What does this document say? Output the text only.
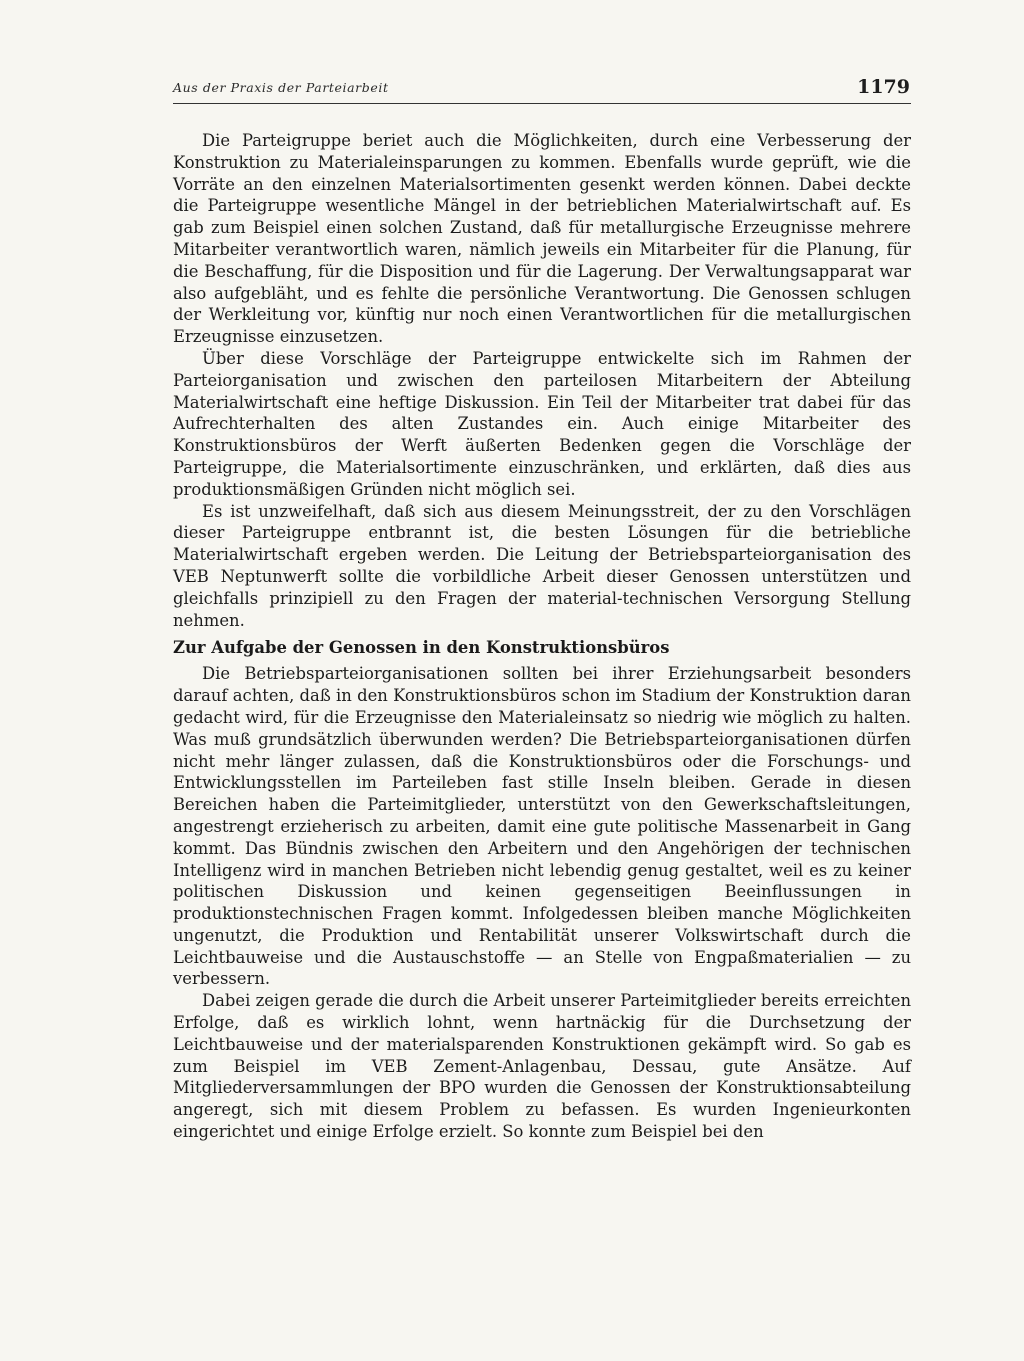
Aus der Praxis der Parteiarbeit	1179

Die Parteigruppe beriet auch die Möglichkeiten, durch eine Verbesserung der Konstruktion zu Materialeinsparungen zu kommen. Ebenfalls wurde geprüft, wie die Vorräte an den einzelnen Materialsortimenten gesenkt werden können. Dabei deckte die Parteigruppe wesentliche Mängel in der betrieblichen Materialwirtschaft auf. Es gab zum Beispiel einen solchen Zustand, daß für metallurgische Erzeugnisse mehrere Mitarbeiter verantwortlich waren, nämlich jeweils ein Mitarbeiter für die Planung, für die Beschaffung, für die Disposition und für die Lagerung. Der Verwaltungsapparat war also aufgebläht, und es fehlte die persönliche Verantwortung. Die Genossen schlugen der Werkleitung vor, künftig nur noch einen Verantwortlichen für die metallurgischen Erzeugnisse einzusetzen.

Über diese Vorschläge der Parteigruppe entwickelte sich im Rahmen der Parteiorganisation und zwischen den parteilosen Mitarbeitern der Abteilung Materialwirtschaft eine heftige Diskussion. Ein Teil der Mitarbeiter trat dabei für das Aufrechterhalten des alten Zustandes ein. Auch einige Mitarbeiter des Konstruktionsbüros der Werft äußerten Bedenken gegen die Vorschläge der Parteigruppe, die Materialsortimente einzuschränken, und erklärten, daß dies aus produktionsmäßigen Gründen nicht möglich sei.

Es ist unzweifelhaft, daß sich aus diesem Meinungsstreit, der zu den Vorschlägen dieser Parteigruppe entbrannt ist, die besten Lösungen für die betriebliche Materialwirtschaft ergeben werden. Die Leitung der Betriebsparteiorganisation des VEB Neptunwerft sollte die vorbildliche Arbeit dieser Genossen unterstützen und gleichfalls prinzipiell zu den Fragen der material-technischen Versorgung Stellung nehmen.

Zur Aufgabe der Genossen in den Konstruktionsbüros

Die Betriebsparteiorganisationen sollten bei ihrer Erziehungsarbeit besonders darauf achten, daß in den Konstruktionsbüros schon im Stadium der Konstruktion daran gedacht wird, für die Erzeugnisse den Materialeinsatz so niedrig wie möglich zu halten. Was muß grundsätzlich überwunden werden? Die Betriebsparteiorganisationen dürfen nicht mehr länger zulassen, daß die Konstruktionsbüros oder die Forschungs- und Entwicklungsstellen im Parteileben fast stille Inseln bleiben. Gerade in diesen Bereichen haben die Parteimitglieder, unterstützt von den Gewerkschaftsleitungen, angestrengt erzieherisch zu arbeiten, damit eine gute politische Massenarbeit in Gang kommt. Das Bündnis zwischen den Arbeitern und den Angehörigen der technischen Intelligenz wird in manchen Betrieben nicht lebendig genug gestaltet, weil es zu keiner politischen Diskussion und keinen gegenseitigen Beeinflussungen in produktionstechnischen Fragen kommt. Infolgedessen bleiben manche Möglichkeiten ungenutzt, die Produktion und Rentabilität unserer Volkswirtschaft durch die Leichtbauweise und die Austauschstoffe — an Stelle von Engpaßmaterialien — zu verbessern.

Dabei zeigen gerade die durch die Arbeit unserer Parteimitglieder bereits erreichten Erfolge, daß es wirklich lohnt, wenn hartnäckig für die Durchsetzung der Leichtbauweise und der materialsparenden Konstruktionen gekämpft wird. So gab es zum Beispiel im VEB Zement-Anlagenbau, Dessau, gute Ansätze. Auf Mitgliederversammlungen der BPO wurden die Genossen der Konstruktionsabteilung angeregt, sich mit diesem Problem zu befassen. Es wurden Ingenieurkonten eingerichtet und einige Erfolge erzielt. So konnte zum Beispiel bei den
